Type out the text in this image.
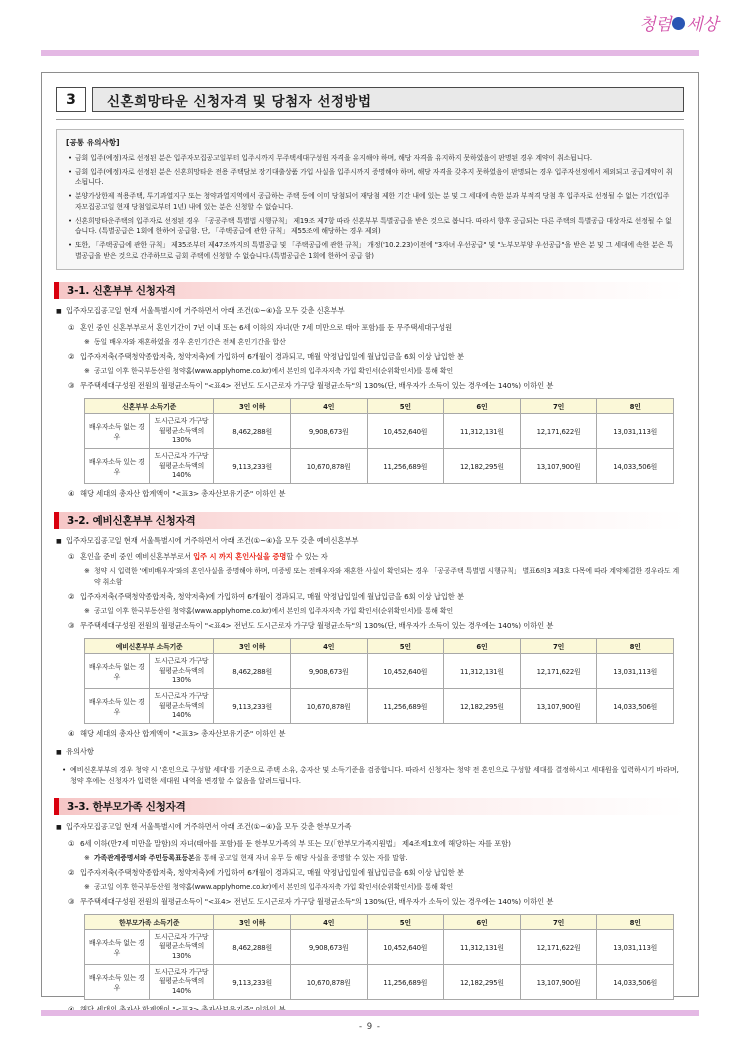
청렴 세상
3	신혼희망타운 신청자격 및 당첨자 선정방법
[공통 유의사항]
• 금회 입주(예정)자로 선정된 분은 입주자모집공고일부터 입주시까지 무주택세대구성원 자격을 유지해야 하며, 해당 자격을 유지하지 못하였음이 판명된 경우 계약이 취소됩니다.
• 금회 입주(예정)자로 선정된 분은 신혼희망타운 전용 주택담보 장기대출상품 가입 사실을 입주시까지 증명해야 하며, 해당 자격을 갖추지 못하였음이 판명되는 경우 입주자선정에서 제외되고 공급계약이 취소됩니다.
• 분양가상한제 적용주택, 투기과열지구 또는 청약과열지역에서 공급하는 주택 등에 이미 당첨되어 재당첨 제한 기간 내에 있는 분 및 그 세대에 속한 분과 부적격 당첨 후 입주자로 선정될 수 없는 기간(입주자모집공고일 현재 당첨일로부터 1년) 내에 있는 분은 신청할 수 없습니다.
• 신혼희망타운주택의 입주자로 선정된 경우 「공공주택 특별법 시행규칙」 제19조 제7항 따라 신혼부부 특별공급을 받은 것으로 봅니다. 따라서 향후 공급되는 다른 주택의 특별공급 대상자로 선정될 수 없습니다. (특별공급은 1회에 한하여 공급함. 단, 「주택공급에 관한 규칙」 제55조에 해당하는 경우 제외)
• 또한, 「주택공급에 관한 규칙」 제35조부터 제47조까지의 특별공급 및 「주택공급에 관한 규칙」 개정('10.2.23)이전에 "3자녀 우선공급" 및 "노부모부양 우선공급"을 받은 분 및 그 세대에 속한 분은 특별공급을 받은 것으로 간주하므로 금회 주택에 신청할 수 없습니다.(특별공급은 1회에 한하여 공급 함)
3-1. 신혼부부 신청자격
■ 입주자모집공고일 현재 서울특별시에 거주하면서 아래 조건(①~④)을 모두 갖춘 신혼부부
① 혼인 중인 신혼부부로서 혼인기간이 7년 이내 또는 6세 이하의 자녀(만 7세 미만으로 태아 포함)를 둔 무주택세대구성원
※ 동일 배우자와 재혼하였을 경우 혼인기간은 전체 혼인기간을 합산
② 입주자저축(주택청약종합저축, 청약저축)에 가입하여 6개월이 경과되고, 매월 약정납입일에 월납입금을 6회 이상 납입한 분
※ 공고일 이후 한국부동산원 청약홈(www.applyhome.co.kr)에서 본인의 입주자저축 가입 확인서(순위확인서)를 통해 확인
③ 무주택세대구성원 전원의 월평균소득이 "<표4> 전년도 도시근로자 가구당 월평균소득"의 130%(단, 배우자가 소득이 있는 경우에는 140%) 이하인 분
신혼부부 소득기준		3인 이하	4인	5인	6인	7인	8인
배우자소득 없는 경우	도시근로자 가구당
월평균소득액의 130%	8,462,288원	9,908,673원	10,452,640원	11,312,131원	12,171,622원	13,031,113원
배우자소득 있는 경우	도시근로자 가구당
월평균소득액의 140%	9,113,233원	10,670,878원	11,256,689원	12,182,295원	13,107,900원	14,033,506원
④ 해당 세대의 총자산 합계액이 "<표3> 총자산보유기준" 이하인 분
3-2. 예비신혼부부 신청자격
■ 입주자모집공고일 현재 서울특별시에 거주하면서 아래 조건(①~④)을 모두 갖춘 예비신혼부부
① 혼인을 준비 중인 예비신혼부부로서 입주 시 까지 혼인사실을 증명할 수 있는 자
※ 청약 시 입력한 '예비배우자'와의 혼인사실을 증명해야 하며, 미증빙 또는 전배우자와 재혼한 사실이 확인되는 경우 「공공주택 특별법 시행규칙」 별표6의3 제3호 다목에 따라 계약체결한 경우라도 계약 취소함
② 입주자저축(주택청약종합저축, 청약저축)에 가입하여 6개월이 경과되고, 매월 약정납입일에 월납입금을 6회 이상 납입한 분
※ 공고일 이후 한국부동산원 청약홈(www.applyhome.co.kr)에서 본인의 입주자저축 가입 확인서(순위확인서)를 통해 확인
③ 무주택세대구성원 전원의 월평균소득이 "<표4> 전년도 도시근로자 가구당 월평균소득"의 130%(단, 배우자가 소득이 있는 경우에는 140%) 이하인 분
예비신혼부부 소득기준		3인 이하	4인	5인	6인	7인	8인
배우자소득 없는 경우	도시근로자 가구당
월평균소득액의 130%	8,462,288원	9,908,673원	10,452,640원	11,312,131원	12,171,622원	13,031,113원
배우자소득 있는 경우	도시근로자 가구당
월평균소득액의 140%	9,113,233원	10,670,878원	11,256,689원	12,182,295원	13,107,900원	14,033,506원
④ 해당 세대의 총자산 합계액이 "<표3> 총자산보유기준" 이하인 분
■ 유의사항
• 예비신혼부부의 경우 청약 시 '혼인으로 구성할 세대'를 기준으로 주택 소유, 총자산 및 소득기준을 검증합니다. 따라서 신청자는 청약 전 혼인으로 구성할 세대를 결정하시고 세대원을 입력하시기 바라며, 청약 후에는 신청자가 입력한 세대원 내역을 변경할 수 없음을 알려드립니다.
3-3. 한부모가족 신청자격
■ 입주자모집공고일 현재 서울특별시에 거주하면서 아래 조건(①~④)을 모두 갖춘 한부모가족
① 6세 이하(만7세 미만을 말함)의 자녀(태아를 포함)를 둔 한부모가족의 부 또는 모(「한부모가족지원법」 제4조제1호에 해당하는 자를 포함)
※ 가족관계증명서와 주민등록표등본을 통해 공고일 현재 자녀 유무 등 해당 사실을 증명할 수 있는 자를 말함.
② 입주자저축(주택청약종합저축, 청약저축)에 가입하여 6개월이 경과되고, 매월 약정납입일에 월납입금을 6회 이상 납입한 분
※ 공고일 이후 한국부동산원 청약홈(www.applyhome.co.kr)에서 본인의 입주자저축 가입 확인서(순위확인서)를 통해 확인
③ 무주택세대구성원 전원의 월평균소득이 "<표4> 전년도 도시근로자 가구당 월평균소득"의 130%(단, 배우자가 소득이 있는 경우에는 140%) 이하인 분
한부모가족 소득기준		3인 이하	4인	5인	6인	7인	8인
배우자소득 없는 경우	도시근로자 가구당
월평균소득액의 130%	8,462,288원	9,908,673원	10,452,640원	11,312,131원	12,171,622원	13,031,113원
배우자소득 있는 경우	도시근로자 가구당
월평균소득액의 140%	9,113,233원	10,670,878원	11,256,689원	12,182,295원	13,107,900원	14,033,506원
- 9 -
